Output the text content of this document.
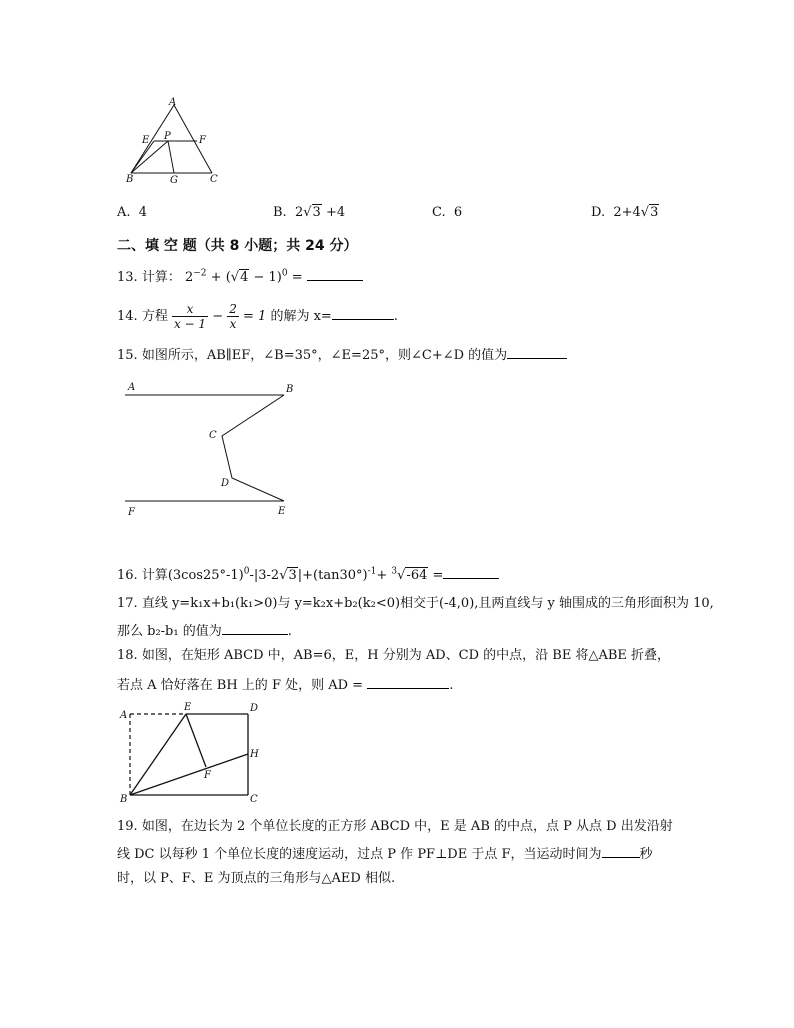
A
E P	F
B	G	C
A. 4	B. 2√3 +4	C. 6	D. 2+4√3
二、填 空 题（共 8 小题；共 24 分）
13. 计算： $2^{-2} + (√4 - 1)^0$ =
14. 方程 $\frac{x}{x - 1} - \frac{2}{x} = 1$ 的解为 x=	.
15. 如图所示，AB∥EF，∠B=35°，∠E=25°，则∠C+∠D 的值为
A	B
C
D
F	E
16. 计算$(3\cos 25^\circ-1)^0-|3-2√3|+(\tan 30^\circ)^{-1}+ ^3√-64$ =
17. 直线 y=k₁x+b₁(k₁>0)与 y=k₂x+b₂(k₂<0)相交于(-4,0),且两直线与 y 轴围成的三角形面积为 10,
那么 b₂-b₁ 的值为	.
18. 如图，在矩形 ABCD 中，AB=6，E，H 分别为 AD、CD 的中点，沿 BE 将△ABE 折叠，
若点 A 恰好落在 BH 上的 F 处，则 AD =	.
A
E	D
H
F
B	C
19. 如图，在边长为 2 个单位长度的正方形 ABCD 中，E 是 AB 的中点，点 P 从点 D 出发沿射
线 DC 以每秒 1 个单位长度的速度运动，过点 P 作 PF⊥DE 于点 F，当运动时间为	秒
时，以 P、F、E 为顶点的三角形与△AED 相似.
